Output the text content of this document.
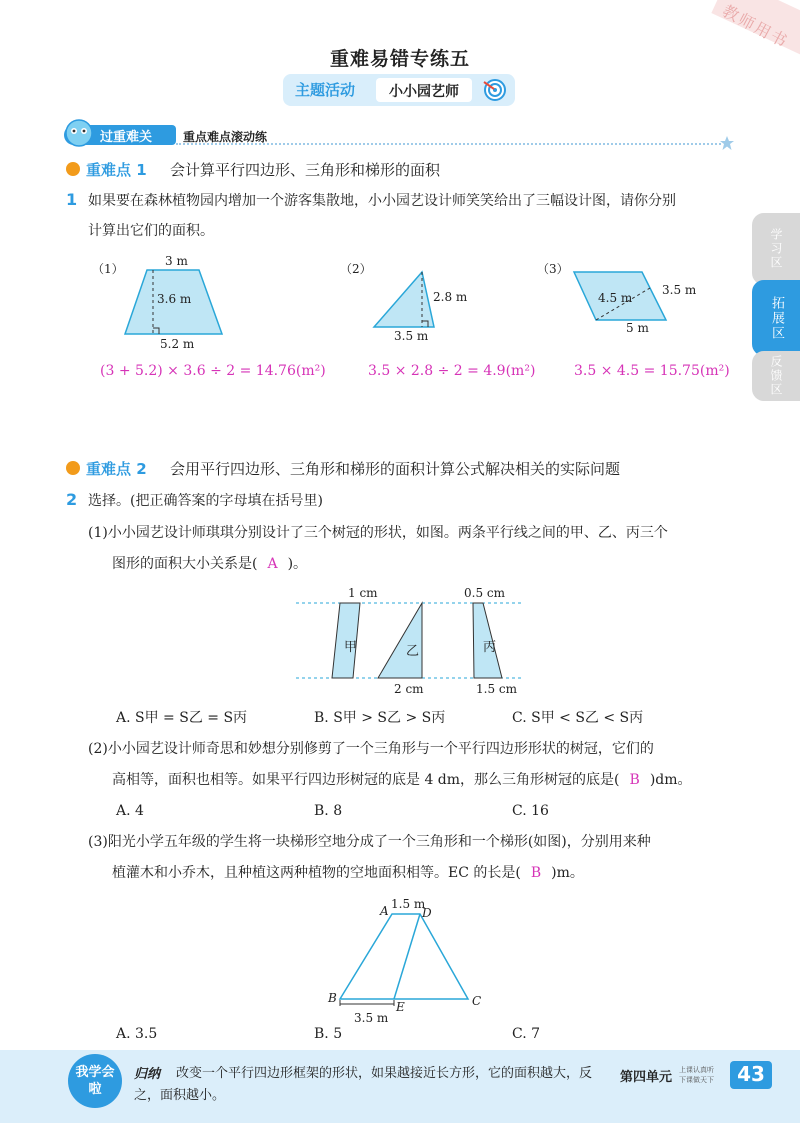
教师用书
重难易错专练五
主题活动	小小园艺师
过重难关	重点难点滚动练
重难点 1 会计算平行四边形、三角形和梯形的面积
1 如果要在森林植物园内增加一个游客集散地，小小园艺设计师笑笑给出了三幅设计图，请你分别
计算出它们的面积。
（1）
3 m
3.6 m
5.2 m
(3 + 5.2) × 3.6 ÷ 2 = 14.76(m²)
（2）
2.8 m
3.5 m
3.5 × 2.8 ÷ 2 = 4.9(m²)
（3）
4.5 m
3.5 m
5 m
3.5 × 4.5 = 15.75(m²)
学习区
拓展区
反馈区
重难点 2 会用平行四边形、三角形和梯形的面积计算公式解决相关的实际问题
2 选择。(把正确答案的字母填在括号里)
(1)小小园艺设计师琪琪分别设计了三个树冠的形状，如图。两条平行线之间的甲、乙、丙三个
图形的面积大小关系是( A )。
1 cm	0.5 cm
2 cm	1.5 cm
甲	乙	丙
A. S甲 = S乙 = S丙	B. S甲 > S乙 > S丙	C. S甲 < S乙 < S丙
(2)小小园艺设计师奇思和妙想分别修剪了一个三角形与一个平行四边形形状的树冠，它们的
高相等，面积也相等。如果平行四边形树冠的底是 4 dm，那么三角形树冠的底是( B )dm。
A. 4	B. 8	C. 16
(3)阳光小学五年级的学生将一块梯形空地分成了一个三角形和一个梯形(如图)，分别用来种
植灌木和小乔木，且种植这两种植物的空地面积相等。EC 的长是( B )m。
1.5 m
3.5 m
A	D
B
E	C
A. 3.5	B. 5	C. 7
我学会啦
归纳 改变一个平行四边形框架的形状，如果越接近长方形，它的面积越大，反
之，面积越小。
第四单元 上课认真听
下课做天下	43
